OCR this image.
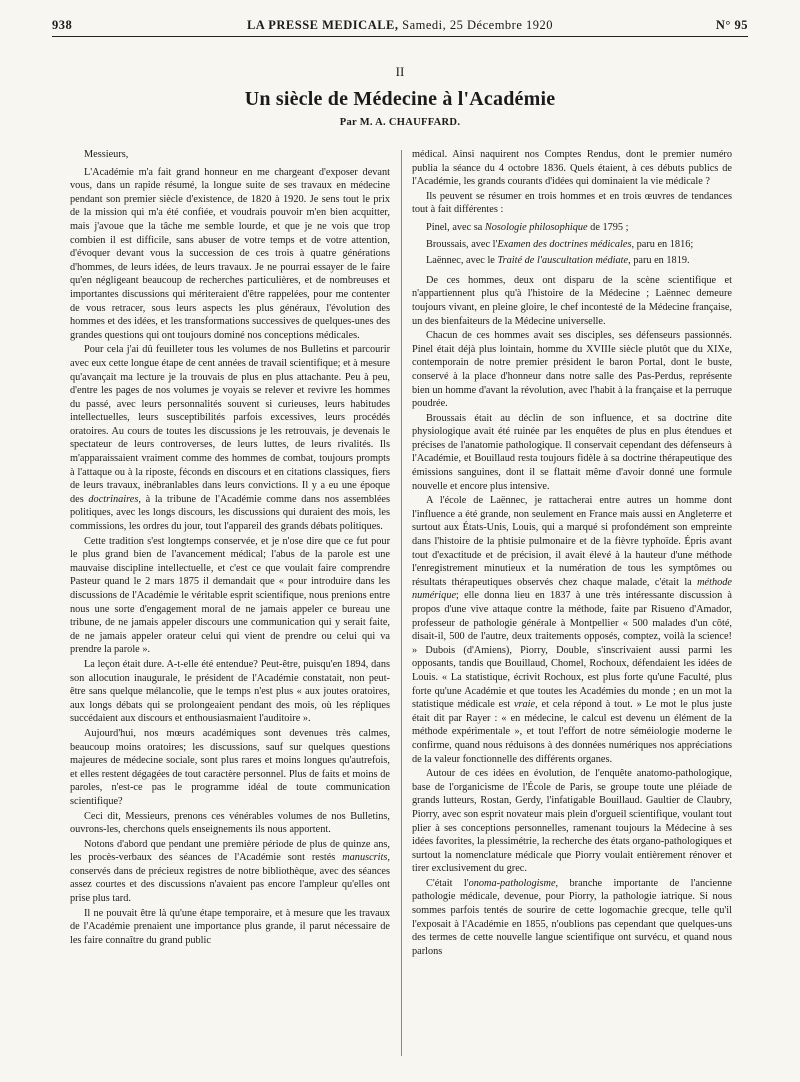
938	LA PRESSE MEDICALE, Samedi, 25 Décembre 1920	N° 95
II
Un siècle de Médecine à l'Académie
Par M. A. CHAUFFARD.

Messieurs,

L'Académie m'a fait grand honneur en me chargeant d'exposer devant vous, dans un rapide résumé, la longue suite de ses travaux en médecine pendant son premier siècle d'existence, de 1820 à 1920. Je sens tout le prix de la mission qui m'a été confiée, et voudrais pouvoir m'en bien acquitter, mais j'avoue que la tâche me semble lourde, et que je ne vois que trop combien il est difficile, sans abuser de votre temps et de votre attention, d'évoquer devant vous la succession de ces trois à quatre générations d'hommes, de leurs idées, de leurs travaux. Je ne pourrai essayer de le faire qu'en négligeant beaucoup de recherches particulières, et de nombreuses et importantes discussions qui mériteraient d'être rappelées, pour me contenter de vous retracer, sous leurs aspects les plus généraux, l'évolution des hommes et des idées, et les transformations successives de quelques-unes des grandes questions qui ont toujours dominé nos conceptions médicales.

Pour cela j'ai dû feuilleter tous les volumes de nos Bulletins et parcourir avec eux cette longue étape de cent années de travail scientifique; et à mesure qu'avançait ma lecture je la trouvais de plus en plus attachante. Peu à peu, d'entre les pages de nos volumes je voyais se relever et revivre les hommes du passé, avec leurs personnalités souvent si curieuses, leurs habitudes intellectuelles, leurs susceptibilités parfois excessives, leurs procédés oratoires. Au cours de toutes les discussions je les retrouvais, je devenais le spectateur de leurs controverses, de leurs luttes, de leurs rivalités. Ils m'apparaissaient vraiment comme des hommes de combat, toujours prompts à l'attaque ou à la riposte, féconds en discours et en citations classiques, fiers de leurs travaux, inébranlables dans leurs convictions. Il y a eu une époque des doctrinaires, à la tribune de l'Académie comme dans nos assemblées politiques, avec les longs discours, les discussions qui duraient des mois, les commissions, les ordres du jour, tout l'appareil des grands débats politiques.

Cette tradition s'est longtemps conservée, et je n'ose dire que ce fut pour le plus grand bien de l'avancement médical; l'abus de la parole est une mauvaise discipline intellectuelle, et c'est ce que voulait faire comprendre Pasteur quand le 2 mars 1875 il demandait que « pour introduire dans les discussions de l'Académie le véritable esprit scientifique, nous prenions entre nous une sorte d'engagement moral de ne jamais appeler ce bureau une tribune, de ne jamais appeler discours une communication qui y serait faite, de ne jamais appeler orateur celui qui vient de prendre ou celui qui va prendre la parole ».

La leçon était dure. A-t-elle été entendue? Peut-être, puisqu'en 1894, dans son allocution inaugurale, le président de l'Académie constatait, non peut-être sans quelque mélancolie, que le temps n'est plus « aux joutes oratoires, aux longs débats qui se prolongeaient pendant des mois, où les répliques succédaient aux discours et enthousiasmaient l'auditoire ».

Aujourd'hui, nos mœurs académiques sont devenues très calmes, beaucoup moins oratoires; les discussions, sauf sur quelques questions majeures de médecine sociale, sont plus rares et moins longues qu'autrefois, et elles restent dégagées de tout caractère personnel. Plus de faits et moins de paroles, n'est-ce pas le programme idéal de toute communication scientifique?

Ceci dit, Messieurs, prenons ces vénérables volumes de nos Bulletins, ouvrons-les, cherchons quels enseignements ils nous apportent.

Notons d'abord que pendant une première période de plus de quinze ans, les procès-verbaux des séances de l'Académie sont restés manuscrits, conservés dans de précieux registres de notre bibliothèque, avec des séances assez courtes et des discussions n'avaient pas encore l'ampleur qu'elles ont prise plus tard.

Il ne pouvait être là qu'une étape temporaire, et à mesure que les travaux de l'Académie prenaient une importance plus grande, il parut nécessaire de les faire connaître du grand public

médical. Ainsi naquirent nos Comptes Rendus, dont le premier numéro publia la séance du 4 octobre 1836. Quels étaient, à ces débuts publics de l'Académie, les grands courants d'idées qui dominaient la vie médicale ?

Ils peuvent se résumer en trois hommes et en trois œuvres de tendances tout à fait différentes :

Pinel, avec sa Nosologie philosophique de 1795 ;
Broussais, avec l'Examen des doctrines médicales, paru en 1816;
Laënnec, avec le Traité de l'auscultation médiate, paru en 1819.

De ces hommes, deux ont disparu de la scène scientifique et n'appartiennent plus qu'à l'histoire de la Médecine ; Laënnec demeure toujours vivant, en pleine gloire, le chef incontesté de la Médecine française, un des bienfaiteurs de la Médecine universelle.

Chacun de ces hommes avait ses disciples, ses défenseurs passionnés. Pinel était déjà plus lointain, homme du XVIIIe siècle plutôt que du XIXe, contemporain de notre premier président le baron Portal, dont le buste, conservé à la place d'honneur dans notre salle des Pas-Perdus, représente bien un homme d'avant la révolution, avec l'habit à la française et la perruque poudrée.

Broussais était au déclin de son influence, et sa doctrine dite physiologique avait été ruinée par les enquêtes de plus en plus étendues et précises de l'anatomie pathologique. Il conservait cependant des défenseurs à l'Académie, et Bouillaud resta toujours fidèle à sa doctrine thérapeutique des émissions sanguines, dont il se flattait même d'avoir donné une formule nouvelle et encore plus intensive.

A l'école de Laënnec, je rattacherai entre autres un homme dont l'influence a été grande, non seulement en France mais aussi en Angleterre et surtout aux États-Unis, Louis, qui a marqué si profondément son empreinte dans l'histoire de la phtisie pulmonaire et de la fièvre typhoïde. Épris avant tout d'exactitude et de précision, il avait élevé à la hauteur d'une méthode l'enregistrement minutieux et la numération de tous les symptômes ou résultats thérapeutiques observés chez chaque malade, c'était la méthode numérique; elle donna lieu en 1837 à une très intéressante discussion à propos d'une vive attaque contre la méthode, faite par Risueno d'Amador, professeur de pathologie générale à Montpellier « 500 malades d'un côté, disait-il, 500 de l'autre, deux traitements opposés, comptez, voilà la science! » Dubois (d'Amiens), Piorry, Double, s'inscrivaient aussi parmi les opposants, tandis que Bouillaud, Chomel, Rochoux, défendaient les idées de Louis. « La statistique, écrivit Rochoux, est plus forte qu'une Faculté, plus forte qu'une Académie et que toutes les Académies du monde ; en un mot la statistique médicale est vraie, et cela répond à tout. » Le mot le plus juste était dit par Rayer : « en médecine, le calcul est devenu un élément de la méthode expérimentale », et tout l'effort de notre séméiologie moderne le confirme, quand nous réduisons à des données numériques nos appréciations de la valeur fonctionnelle des différents organes.

Autour de ces idées en évolution, de l'enquête anatomo-pathologique, base de l'organicisme de l'École de Paris, se groupe toute une pléiade de grands lutteurs, Rostan, Gerdy, l'infatigable Bouillaud. Gaultier de Claubry, Piorry, avec son esprit novateur mais plein d'orgueil scientifique, voulant tout plier à ses conceptions personnelles, ramenant toujours la Médecine à ses idées favorites, la plessimétrie, la recherche des états organo-pathologiques et surtout la nomenclature médicale que Piorry voulait entièrement rénover et tirer exclusivement du grec.

C'était l'onoma-pathologisme, branche importante de l'ancienne pathologie médicale, devenue, pour Piorry, la pathologie iatrique. Si nous sommes parfois tentés de sourire de cette logomachie grecque, telle qu'il l'exposait à l'Académie en 1855, n'oublions pas cependant que quelques-uns des termes de cette nouvelle langue scientifique ont survécu, et quand nous parlons
